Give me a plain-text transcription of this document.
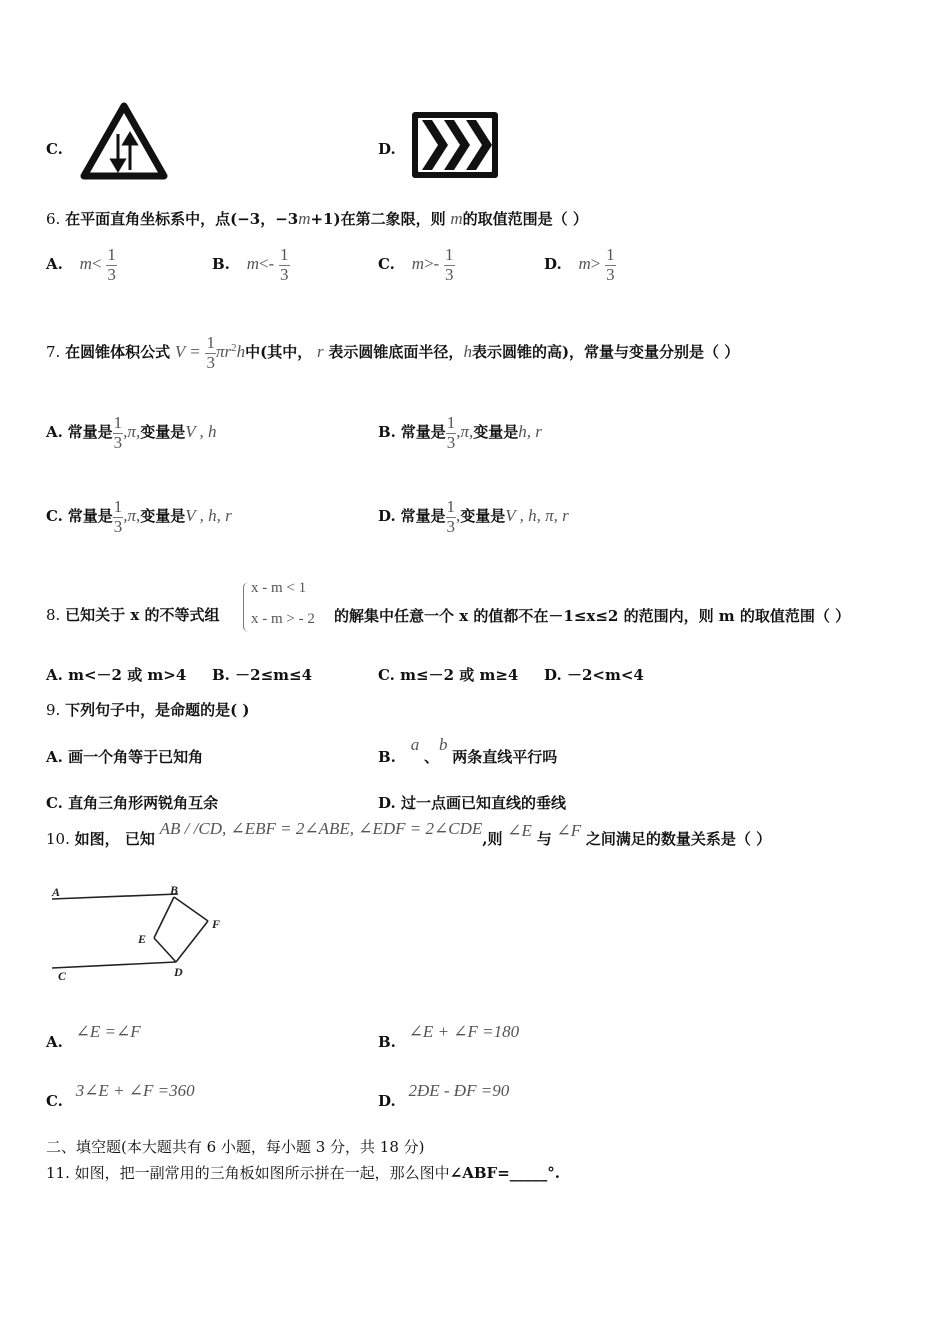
C.	D.
6. 在平面直角坐标系中，点(−3，−3m+1)在第二象限，则 m的取值范围是（ ）
A. $m< \frac{1}{3}$	B. $m<- \frac{1}{3}$	C. $m>- \frac{1}{3}$	D. $m> \frac{1}{3}$
7. 在圆锥体积公式 $V = \frac{1}{3} \pi r^2h$中(其中， r 表示圆锥底面半径，h表示圆锥的高)，常量与变量分别是（ ）
A. 常量是 $\frac{1}{3} ,\pi$,变量是V , h	B. 常量是 $\frac{1}{3} ,\pi$,变量是h, r
C. 常量是 $\frac{1}{3} ,\pi$,变量是V , h, r	D. 常量是 $\frac{1}{3}$ ,变量是V , h, π, r
8. 已知关于 x 的不等式组
x - m < 1
x - m > - 2 的解集中任意一个 x 的值都不在－1≤x≤2 的范围内，则 m 的取值范围（ ）
A. m<－2 或 m>4 B. －2≤m≤4	C. m≤－2 或 m≥4 D. －2<m<4
9. 下列句子中，是命题的是( )
A. 画一个角等于已知角	B. a 、b 两条直线平行吗
C. 直角三角形两锐角互余	D. 过一点画已知直线的垂线
10. 如图， 已知 AB / /CD, ∠EBF = 2∠ABE, ∠EDF = 2∠CDE,则 ∠E 与 ∠F 之间满足的数量关系是（ ）
A	B
C	D
E
F
A. ∠E =∠F
B. ∠E + ∠F =180
C. 3∠E + ∠F =360
D. 2ÐE - ÐF =90
二、填空题(本大题共有 6 小题，每小题 3 分，共 18 分)
11. 如图，把一副常用的三角板如图所示拼在一起，那么图中∠ABF=_____°.
